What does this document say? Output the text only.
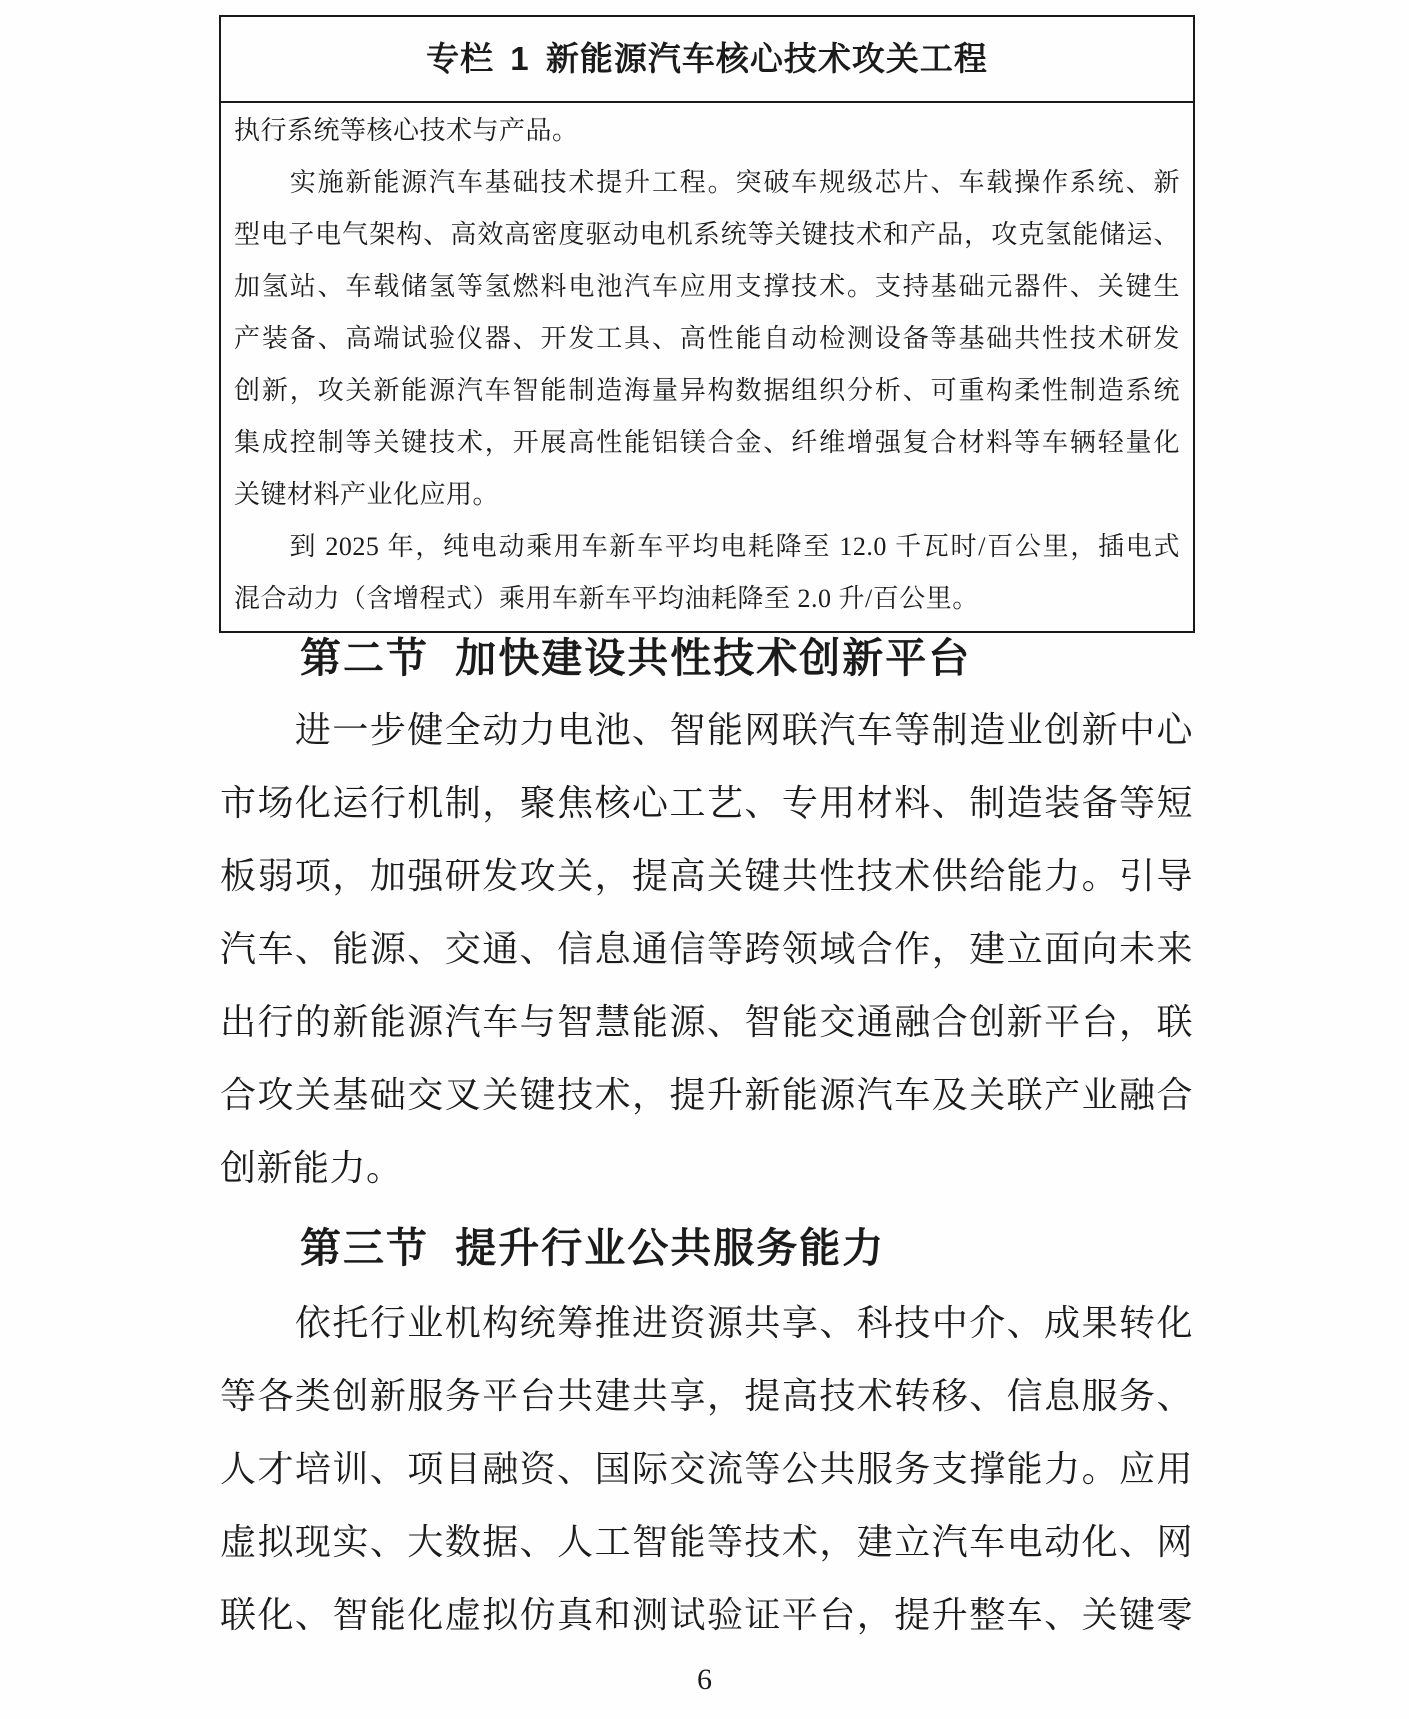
专栏 1 新能源汽车核心技术攻关工程
执行系统等核心技术与产品。
　　实施新能源汽车基础技术提升工程。突破车规级芯片、车载操作系统、新
型电子电气架构、高效高密度驱动电机系统等关键技术和产品，攻克氢能储运、
加氢站、车载储氢等氢燃料电池汽车应用支撑技术。支持基础元器件、关键生
产装备、高端试验仪器、开发工具、高性能自动检测设备等基础共性技术研发
创新，攻关新能源汽车智能制造海量异构数据组织分析、可重构柔性制造系统
集成控制等关键技术，开展高性能铝镁合金、纤维增强复合材料等车辆轻量化
关键材料产业化应用。
　　到 2025 年，纯电动乘用车新车平均电耗降至 12.0 千瓦时/百公里，插电式
混合动力（含增程式）乘用车新车平均油耗降至 2.0 升/百公里。
第二节 加快建设共性技术创新平台
　　进一步健全动力电池、智能网联汽车等制造业创新中心
市场化运行机制，聚焦核心工艺、专用材料、制造装备等短
板弱项，加强研发攻关，提高关键共性技术供给能力。引导
汽车、能源、交通、信息通信等跨领域合作，建立面向未来
出行的新能源汽车与智慧能源、智能交通融合创新平台，联
合攻关基础交叉关键技术，提升新能源汽车及关联产业融合
创新能力。
第三节 提升行业公共服务能力
　　依托行业机构统筹推进资源共享、科技中介、成果转化
等各类创新服务平台共建共享，提高技术转移、信息服务、
人才培训、项目融资、国际交流等公共服务支撑能力。应用
虚拟现实、大数据、人工智能等技术，建立汽车电动化、网
联化、智能化虚拟仿真和测试验证平台，提升整车、关键零
6
